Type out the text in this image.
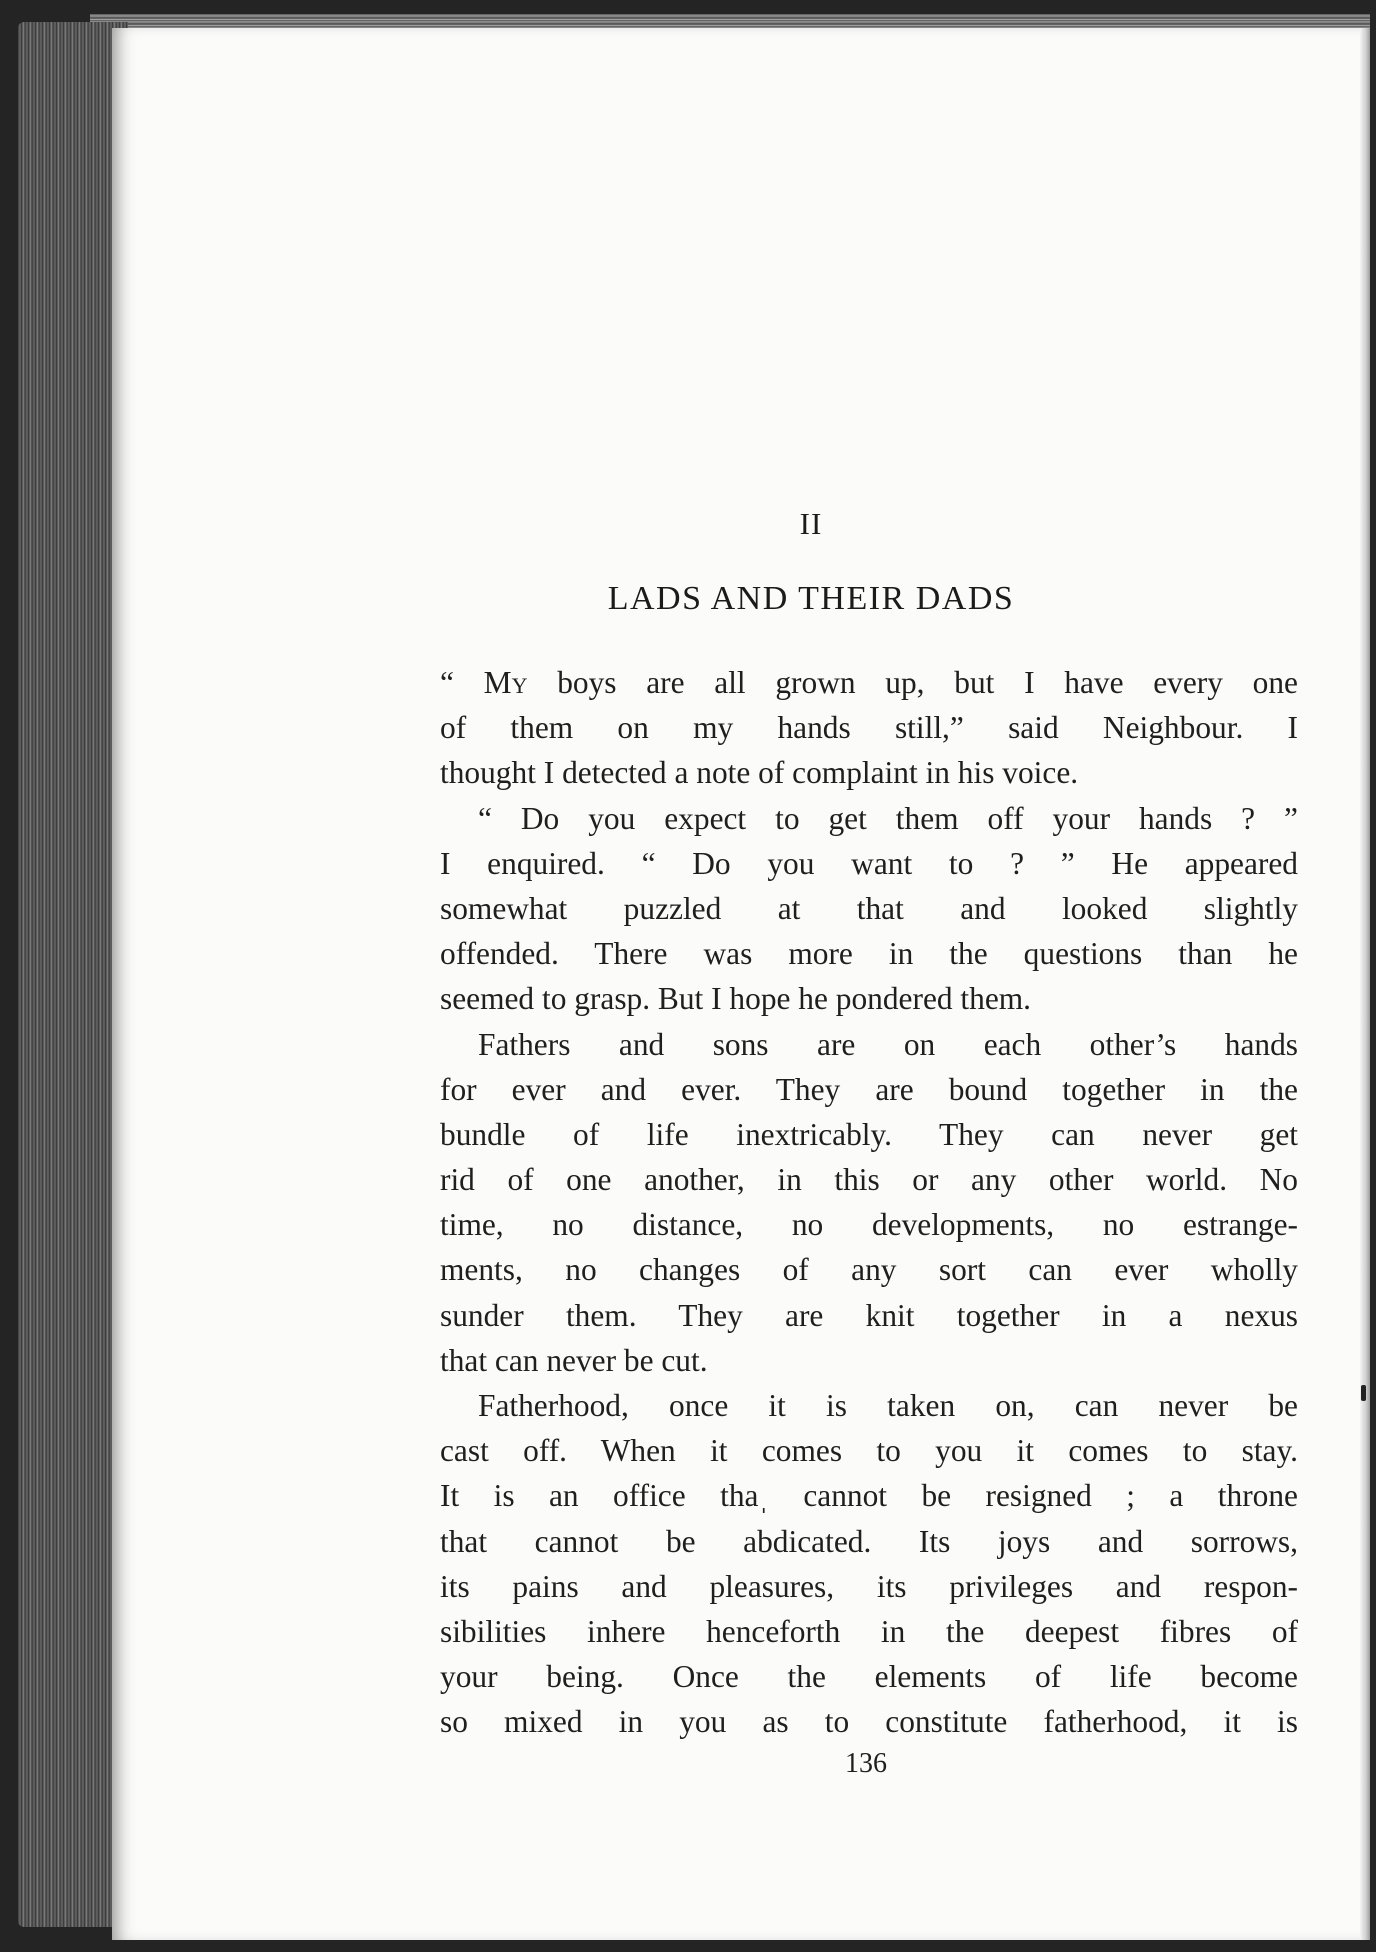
II
LADS AND THEIR DADS
“ My boys are all grown up, but I have every one
of them on my hands still,” said Neighbour. I
thought I detected a note of complaint in his voice.
“ Do you expect to get them off your hands ? ”
I enquired. “ Do you want to ? ” He appeared
somewhat puzzled at that and looked slightly
offended. There was more in the questions than he
seemed to grasp. But I hope he pondered them.
Fathers and sons are on each other’s hands
for ever and ever. They are bound together in the
bundle of life inextricably. They can never get
rid of one another, in this or any other world. No
time, no distance, no developments, no estrange-
ments, no changes of any sort can ever wholly
sunder them. They are knit together in a nexus
that can never be cut.
Fatherhood, once it is taken on, can never be
cast off. When it comes to you it comes to stay.
It is an office thaˌ cannot be resigned ; a throne
that cannot be abdicated. Its joys and sorrows,
its pains and pleasures, its privileges and respon-
sibilities inhere henceforth in the deepest fibres of
your being. Once the elements of life become
so mixed in you as to constitute fatherhood, it is
136
